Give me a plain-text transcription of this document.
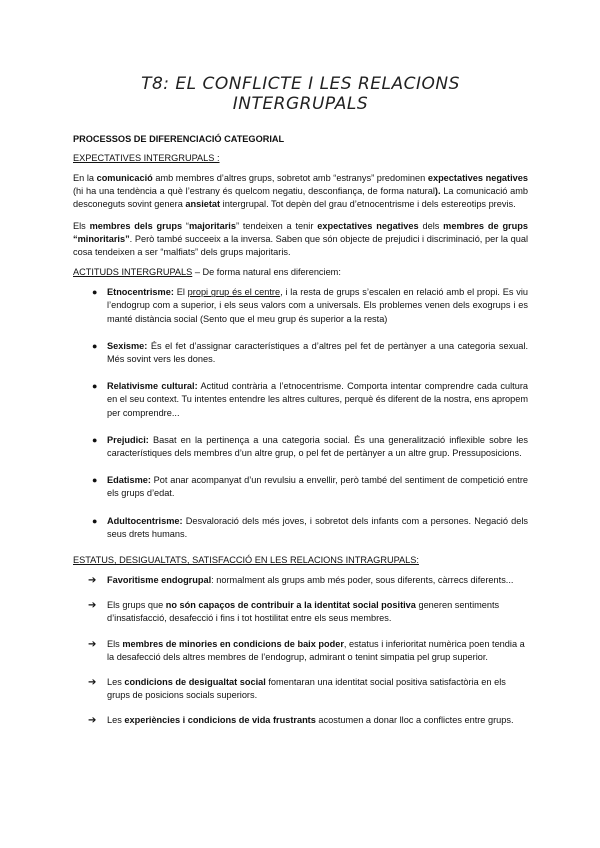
T8: EL CONFLICTE I LES RELACIONS INTERGRUPALS
PROCESSOS DE DIFERENCIACIÓ CATEGORIAL
EXPECTATIVES INTERGRUPALS :

En la comunicació amb membres d’altres grups, sobretot amb “estranys” predominen expectatives negatives (hi ha una tendència a què l’estrany és quelcom negatiu, desconfiança, de forma natural). La comunicació amb desconeguts sovint genera ansietat intergrupal. Tot depèn del grau d’etnocentrisme i dels estereotips previs.

Els membres dels grups “majoritaris” tendeixen a tenir expectatives negatives dels membres de grups “minoritaris”. Però també succeeix a la inversa. Saben que són objecte de prejudici i discriminació, per la qual cosa tendeixen a ser “malfiats” dels grups majoritaris.

ACTITUDS INTERGRUPALS – De forma natural ens diferenciem:
● Etnocentrisme: El propi grup és el centre, i la resta de grups s’escalen en relació amb el propi. Es viu l’endogrup com a superior, i els seus valors com a universals. Els problemes venen dels exogrups i es manté distància social (Sento que el meu grup és superior a la resta)
● Sexisme: És el fet d’assignar característiques a d’altres pel fet de pertànyer a una categoria sexual. Més sovint vers les dones.
● Relativisme cultural: Actitud contrària a l’etnocentrisme. Comporta intentar comprendre cada cultura en el seu context. Tu intentes entendre les altres cultures, perquè és diferent de la nostra, ens apropem per comprendre...
● Prejudici: Basat en la pertinença a una categoria social. És una generalització inflexible sobre les característiques dels membres d’un altre grup, o pel fet de pertànyer a un altre grup. Pressuposicions.
● Edatisme: Pot anar acompanyat d’un revulsiu a envellir, però també del sentiment de competició entre els grups d’edat.
● Adultocentrisme: Desvaloració dels més joves, i sobretot dels infants com a persones. Negació dels seus drets humans.
ESTATUS, DESIGUALTATS, SATISFACCIÓ EN LES RELACIONS INTRAGRUPALS:
➔ Favoritisme endogrupal: normalment als grups amb més poder, sous diferents, càrrecs diferents...
➔ Els grups que no són capaços de contribuir a la identitat social positiva generen sentiments d’insatisfacció, desafecció i fins i tot hostilitat entre els seus membres.
➔ Els membres de minories en condicions de baix poder, estatus i inferioritat numèrica poen tendia a la desafecció dels altres membres de l’endogrup, admirant o tenint simpatia pel grup superior.
➔ Les condicions de desigualtat social fomentaran una identitat social positiva satisfactòria en els grups de posicions socials superiors.
➔ Les experiències i condicions de vida frustrants acostumen a donar lloc a conflictes entre grups.
